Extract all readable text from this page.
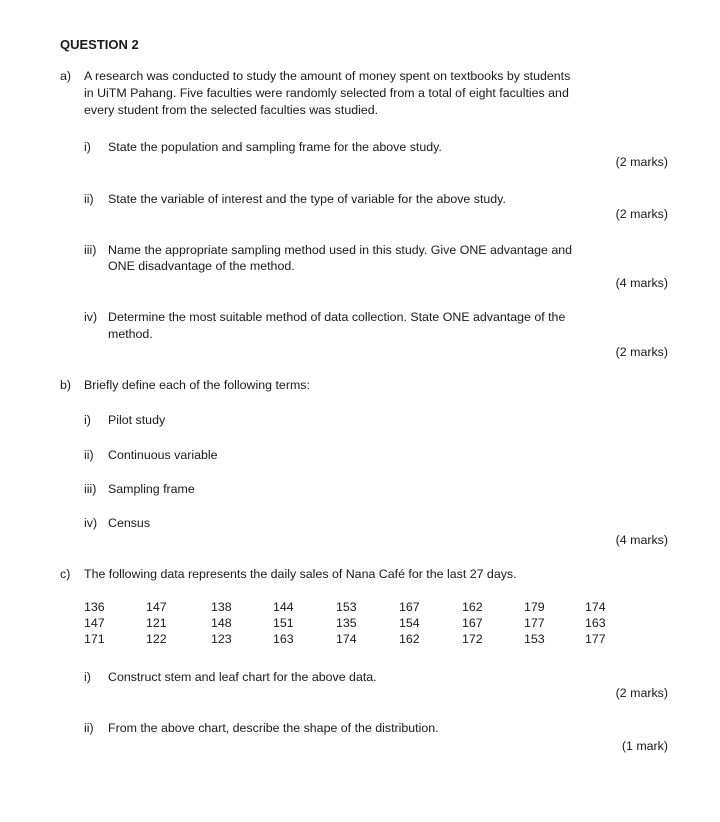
QUESTION 2
a) A research was conducted to study the amount of money spent on textbooks by students
in UiTM Pahang. Five faculties were randomly selected from a total of eight faculties and
every student from the selected faculties was studied.
i) State the population and sampling frame for the above study.
(2 marks)
ii) State the variable of interest and the type of variable for the above study.
(2 marks)
iii) Name the appropriate sampling method used in this study. Give ONE advantage and
ONE disadvantage of the method.
(4 marks)
iv) Determine the most suitable method of data collection. State ONE advantage of the
method.
(2 marks)
b) Briefly define each of the following terms:
i) Pilot study
ii) Continuous variable
iii) Sampling frame
iv) Census
(4 marks)
c) The following data represents the daily sales of Nana Café for the last 27 days.
136	147	138	144	153	167	162	179	174
147	121	148	151	135	154	167	177	163
171	122	123	163	174	162	172	153	177
i) Construct stem and leaf chart for the above data.
(2 marks)
ii) From the above chart, describe the shape of the distribution.
(1 mark)
